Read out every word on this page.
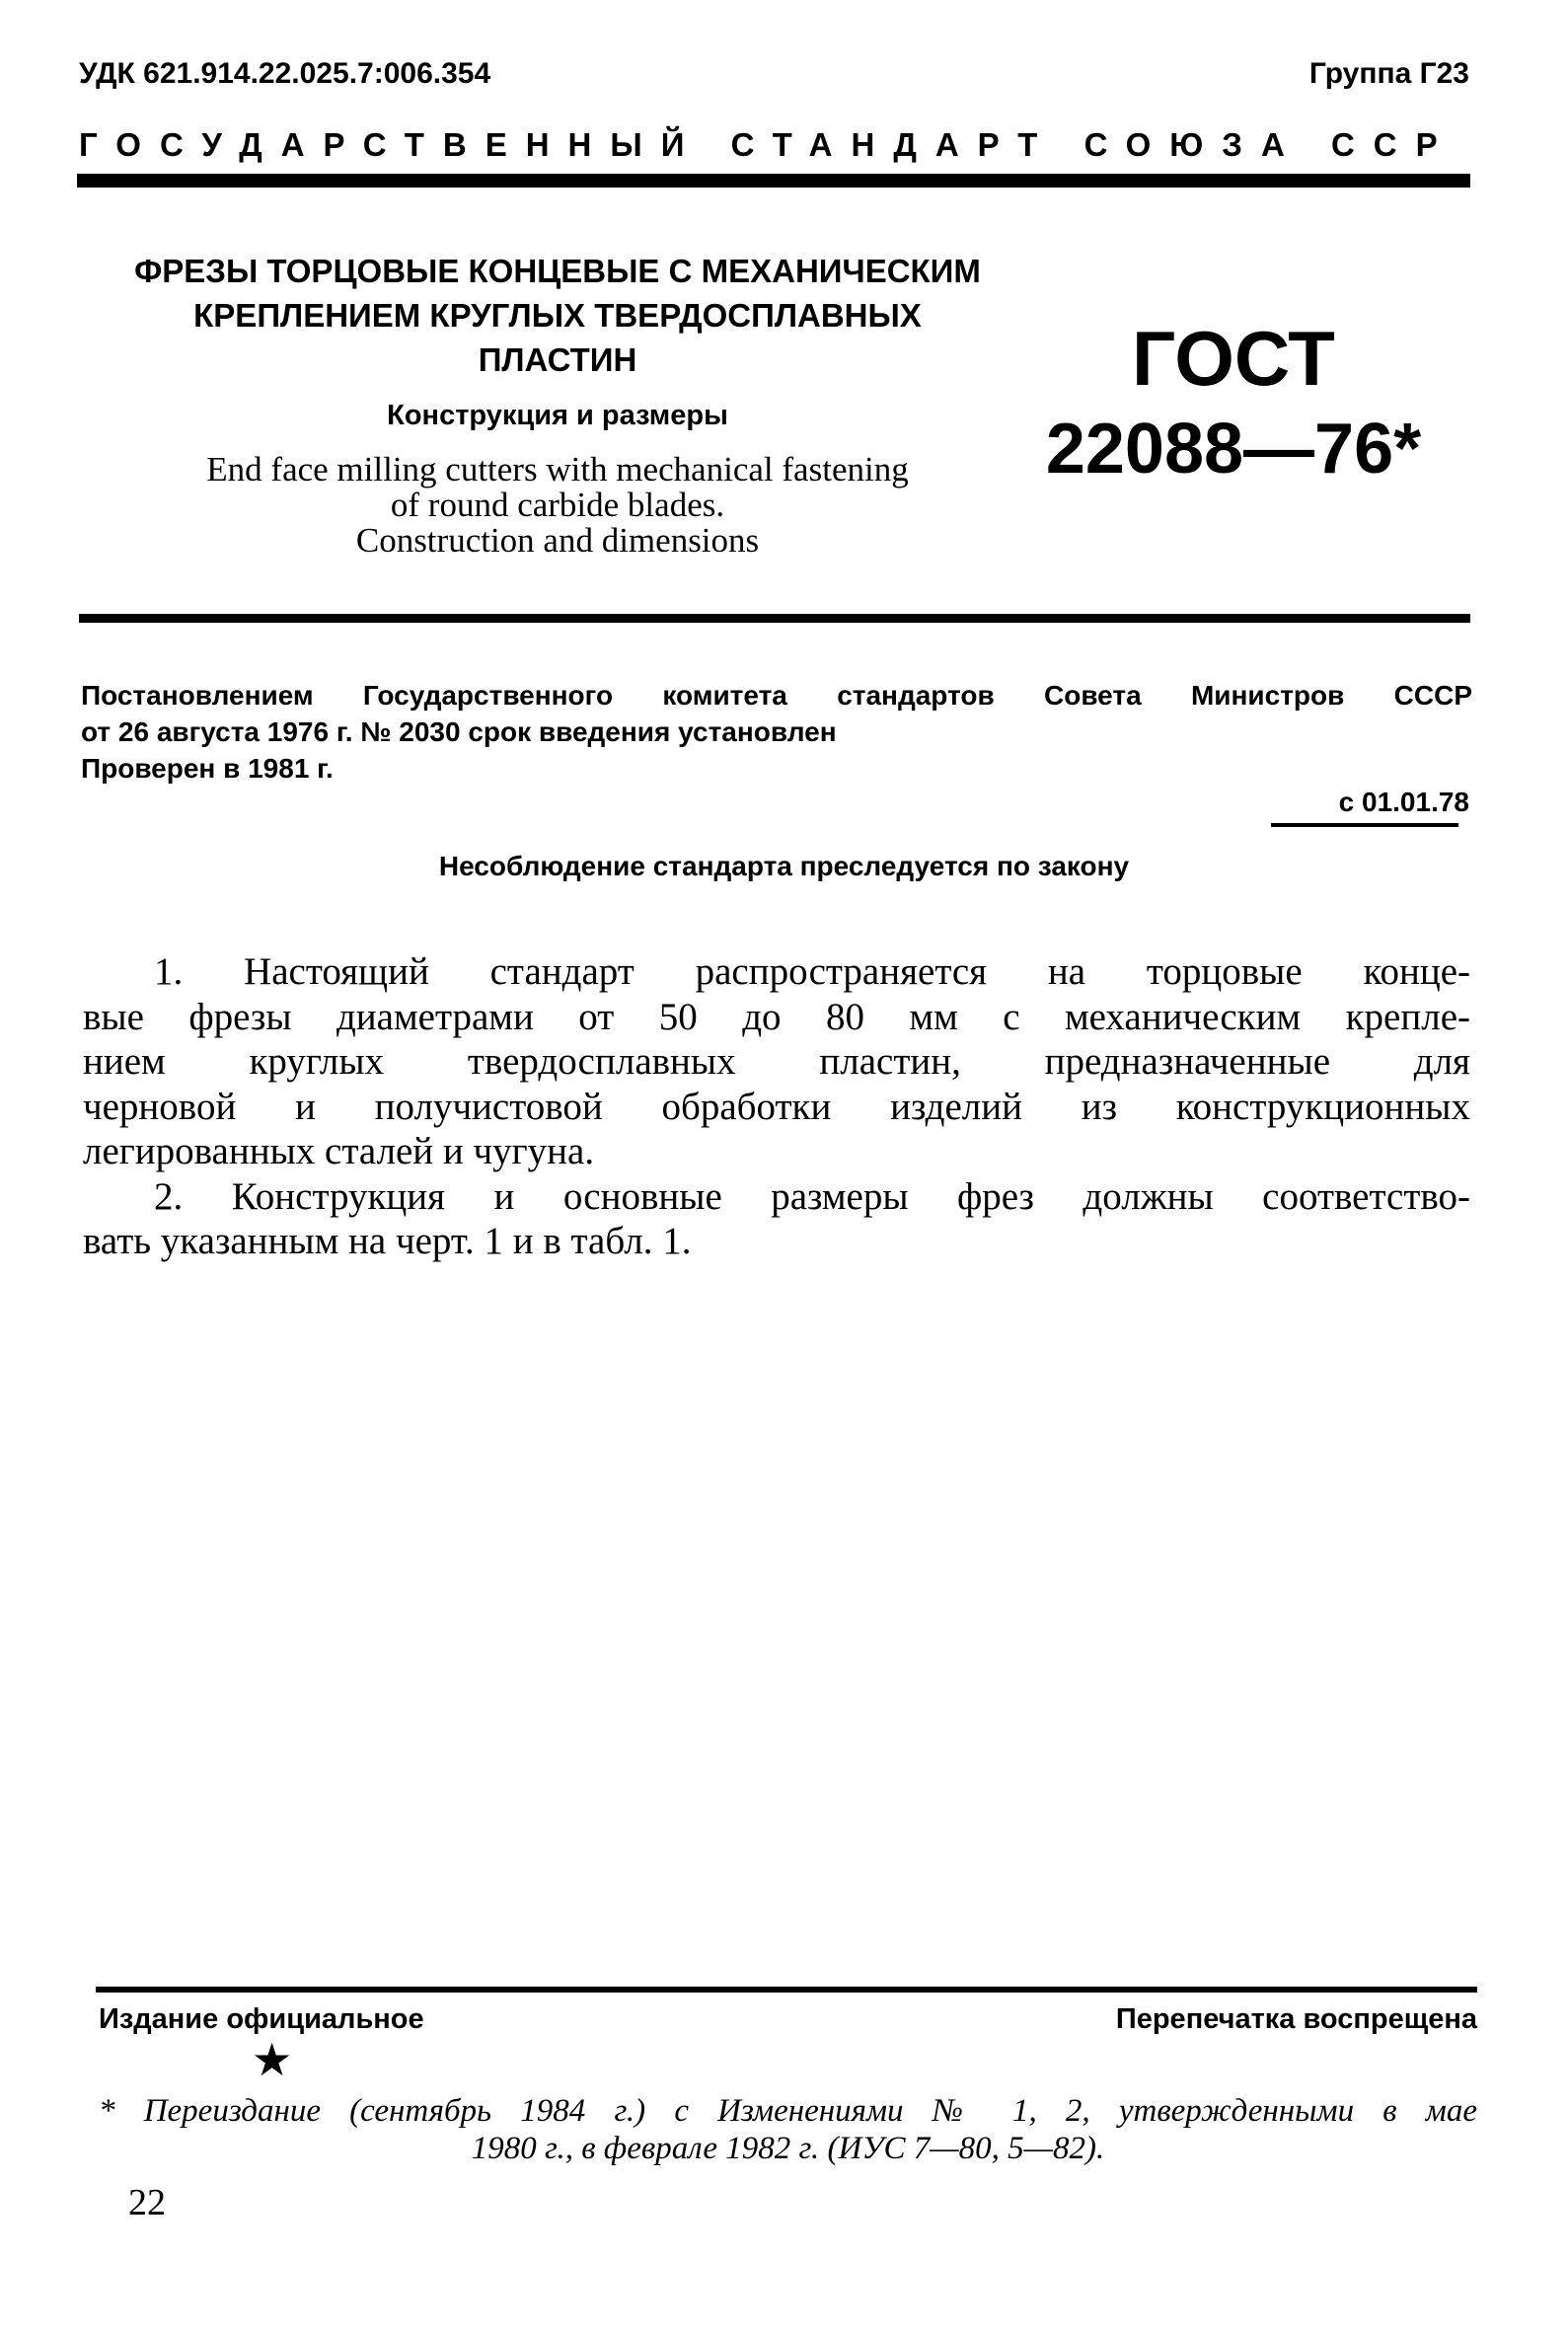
УДК 621.914.22.025.7:006.354	Группа Г23
ГОСУДАРСТВЕННЫЙ СТАНДАРТ СОЮЗА ССР
ФРЕЗЫ ТОРЦОВЫЕ КОНЦЕВЫЕ С МЕХАНИЧЕСКИМ
КРЕПЛЕНИЕМ КРУГЛЫХ ТВЕРДОСПЛАВНЫХ
ПЛАСТИН
Конструкция и размеры
End face milling cutters with mechanical fastening
of round carbide blades.
Construction and dimensions
ГОСТ
22088—76*
Постановлением Государственного комитета стандартов Совета Министров СССР
от 26 августа 1976 г. № 2030 срок введения установлен
Проверен в 1981 г.
с 01.01.78
Несоблюдение стандарта преследуется по закону
1. Настоящий стандарт распространяется на торцовые конце-
вые фрезы диаметрами от 50 до 80 мм с механическим крепле-
нием круглых твердосплавных пластин, предназначенные для
черновой и получистовой обработки изделий из конструкционных
легированных сталей и чугуна.
2. Конструкция и основные размеры фрез должны соответство-
вать указанным на черт. 1 и в табл. 1.
Издание официальное	Перепечатка воспрещена
★
* Переиздание (сентябрь 1984 г.) с Изменениями № 1, 2, утвержденными в мае
1980 г., в феврале 1982 г. (ИУС 7—80, 5—82).
22
